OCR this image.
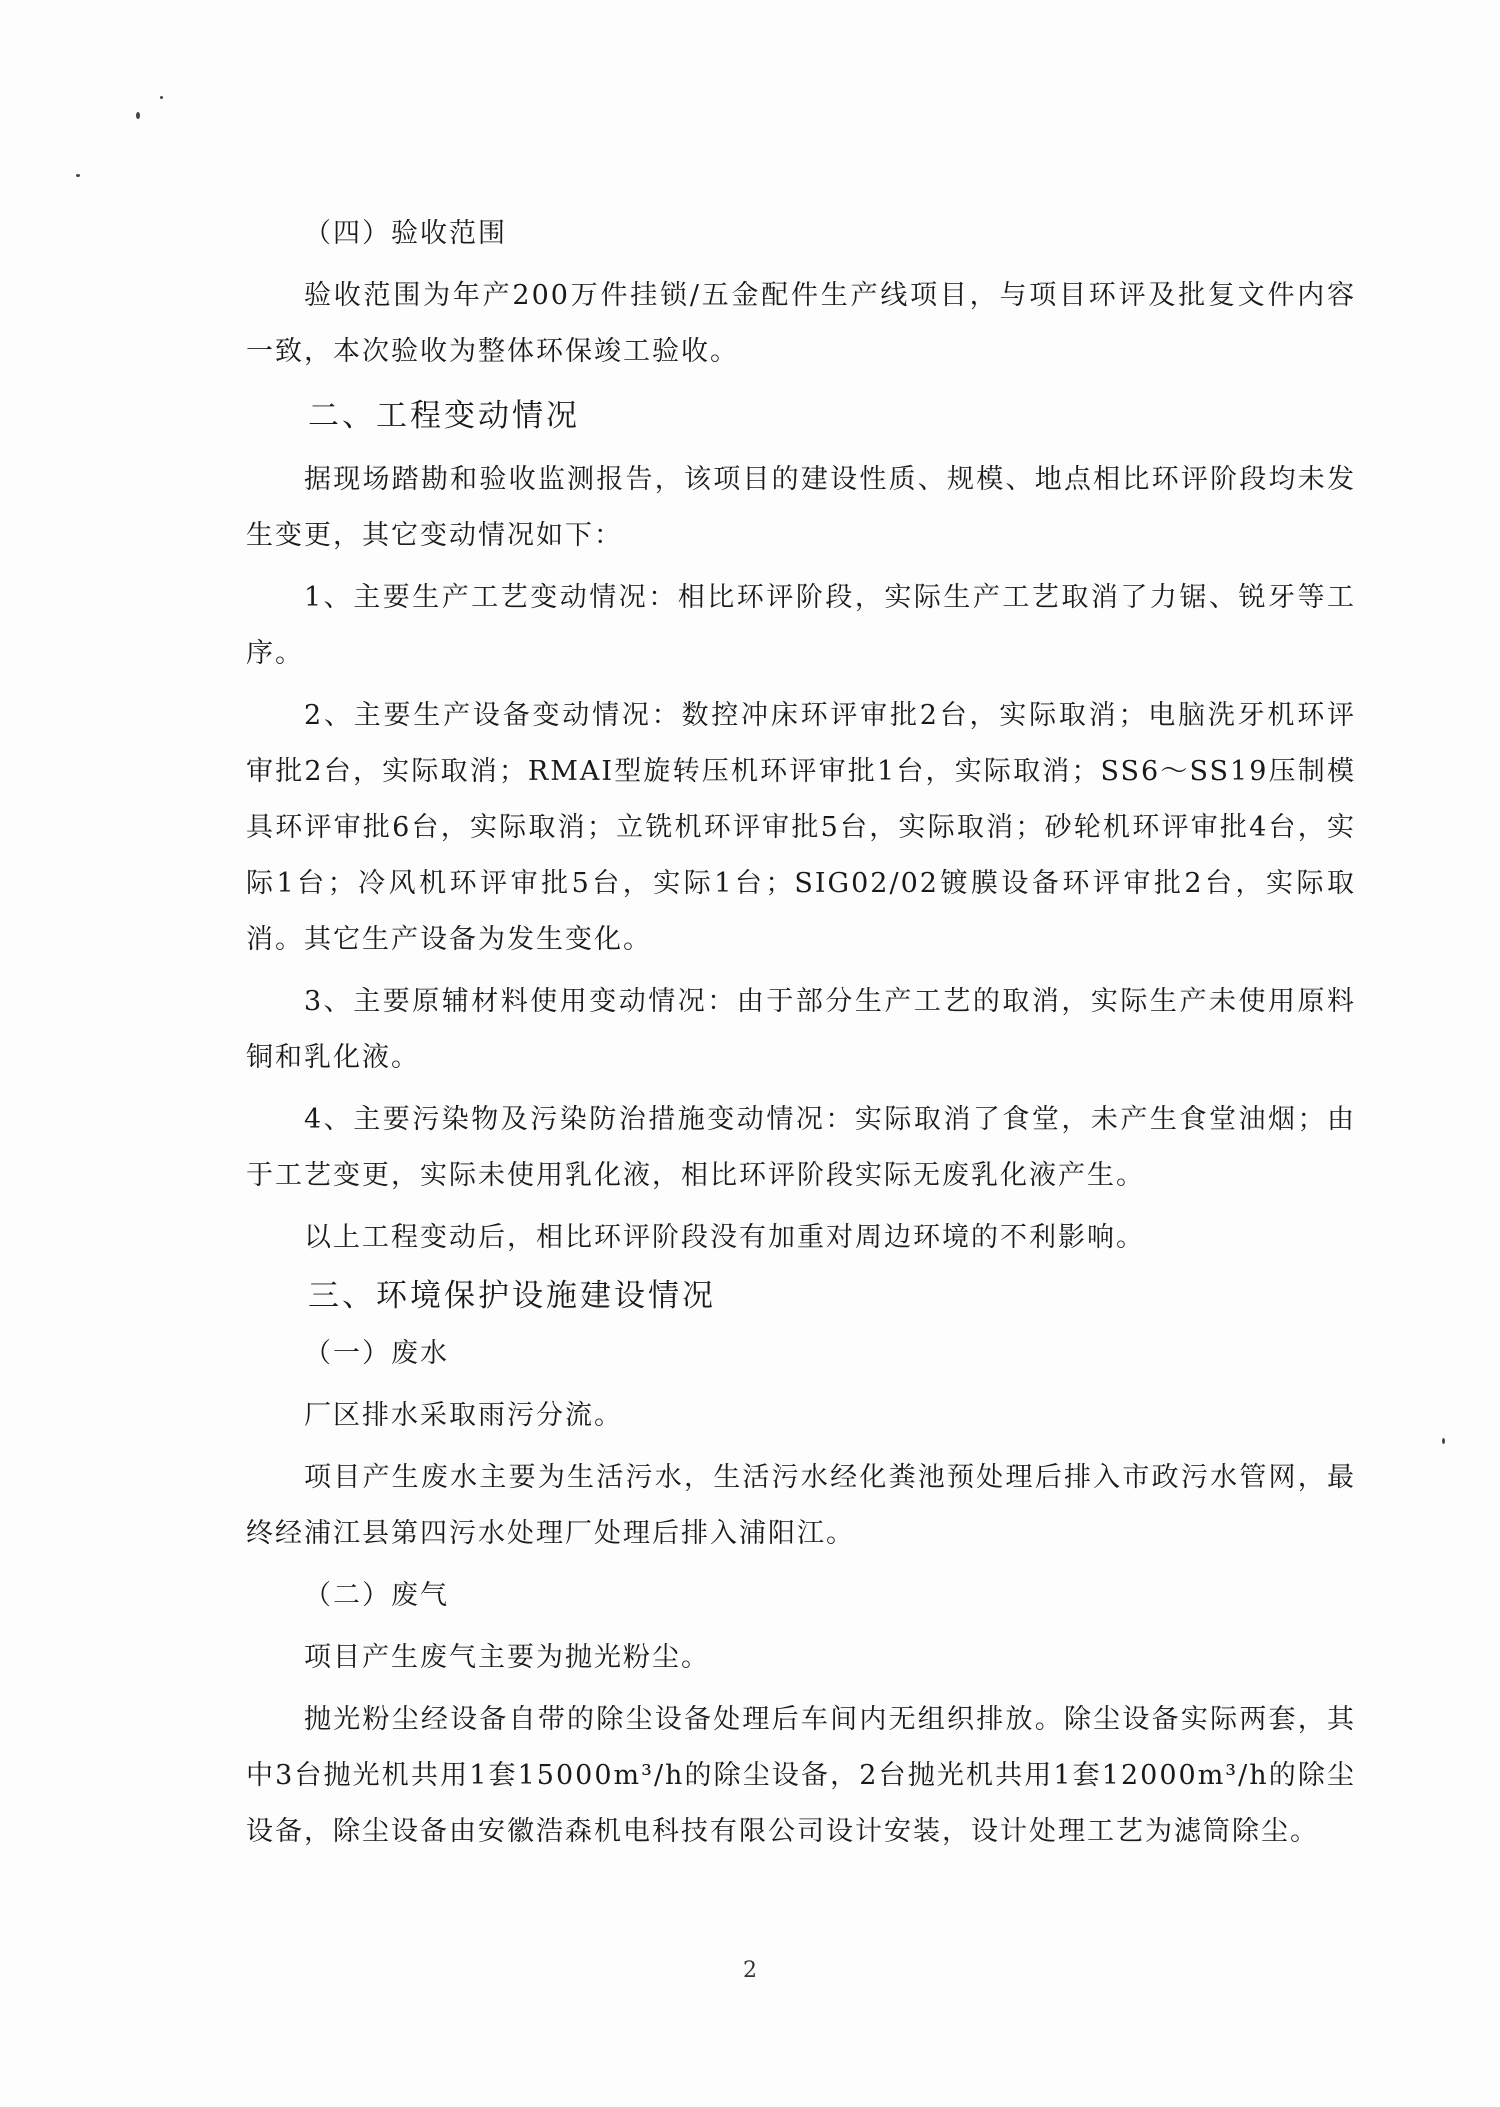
（四）验收范围

验收范围为年产200万件挂锁/五金配件生产线项目，与项目环评及批复文件内容一致，本次验收为整体环保竣工验收。

二、工程变动情况

据现场踏勘和验收监测报告，该项目的建设性质、规模、地点相比环评阶段均未发生变更，其它变动情况如下：

1、主要生产工艺变动情况：相比环评阶段，实际生产工艺取消了力锯、锐牙等工序。

2、主要生产设备变动情况：数控冲床环评审批2台，实际取消；电脑洗牙机环评审批2台，实际取消；RMAI型旋转压机环评审批1台，实际取消；SS6～SS19压制模具环评审批6台，实际取消；立铣机环评审批5台，实际取消；砂轮机环评审批4台，实际1台；冷风机环评审批5台，实际1台；SIG02/02镀膜设备环评审批2台，实际取消。其它生产设备为发生变化。

3、主要原辅材料使用变动情况：由于部分生产工艺的取消，实际生产未使用原料铜和乳化液。

4、主要污染物及污染防治措施变动情况：实际取消了食堂，未产生食堂油烟；由于工艺变更，实际未使用乳化液，相比环评阶段实际无废乳化液产生。

以上工程变动后，相比环评阶段没有加重对周边环境的不利影响。

三、环境保护设施建设情况

（一）废水

厂区排水采取雨污分流。

项目产生废水主要为生活污水，生活污水经化粪池预处理后排入市政污水管网，最终经浦江县第四污水处理厂处理后排入浦阳江。

（二）废气

项目产生废气主要为抛光粉尘。

抛光粉尘经设备自带的除尘设备处理后车间内无组织排放。除尘设备实际两套，其中3台抛光机共用1套15000m³/h的除尘设备，2台抛光机共用1套12000m³/h的除尘设备，除尘设备由安徽浩森机电科技有限公司设计安装，设计处理工艺为滤筒除尘。

2
